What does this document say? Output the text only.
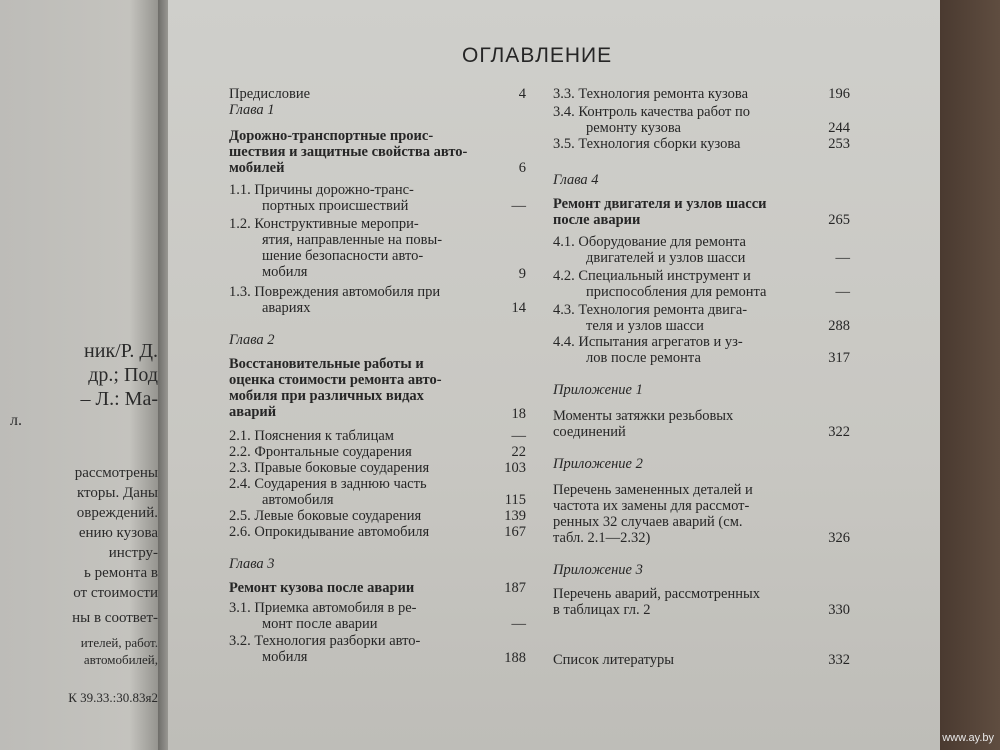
ник/Р. Д.
др.; Под
– Л.: Ма-
л.
рассмотрены
кторы. Даны
овреждений.
ению кузова
инстру-
ь ремонта в
от стоимости
ны в соответ-
ителей, работ.
автомобилей,
К 39.33.:30.83я2
ОГЛАВЛЕНИЕ
Предисловие	4
Глава 1
Дорожно-транспортные проис-
шествия и защитные свойства авто-
мобилей	6
1.1. Причины дорожно-транс-
портных происшествий	—
1.2. Конструктивные меропри-
ятия, направленные на повы-
шение безопасности авто-
мобиля	9
1.3. Повреждения автомобиля при
авариях	14
Глава 2
Восстановительные работы и
оценка стоимости ремонта авто-
мобиля при различных видах
аварий	18
2.1. Пояснения к таблицам	—
2.2. Фронтальные соударения	22
2.3. Правые боковые соударения	103
2.4. Соударения в заднюю часть
автомобиля	115
2.5. Левые боковые соударения	139
2.6. Опрокидывание автомобиля	167
Глава 3
Ремонт кузова после аварии	187
3.1. Приемка автомобиля в ре-
монт после аварии	—
3.2. Технология разборки авто-
мобиля	188
3.3. Технология ремонта кузова	196
3.4. Контроль качества работ по
ремонту кузова	244
3.5. Технология сборки кузова	253
Глава 4
Ремонт двигателя и узлов шасси
после аварии	265
4.1. Оборудование для ремонта
двигателей и узлов шасси	—
4.2. Специальный инструмент и
приспособления для ремонта	—
4.3. Технология ремонта двига-
теля и узлов шасси	288
4.4. Испытания агрегатов и уз-
лов после ремонта	317
Приложение 1
Моменты затяжки резьбовых
соединений	322
Приложение 2
Перечень замененных деталей и
частота их замены для рассмот-
ренных 32 случаев аварий (см.
табл. 2.1—2.32)	326
Приложение 3
Перечень аварий, рассмотренных
в таблицах гл. 2	330
Список литературы	332
www.ay.by
